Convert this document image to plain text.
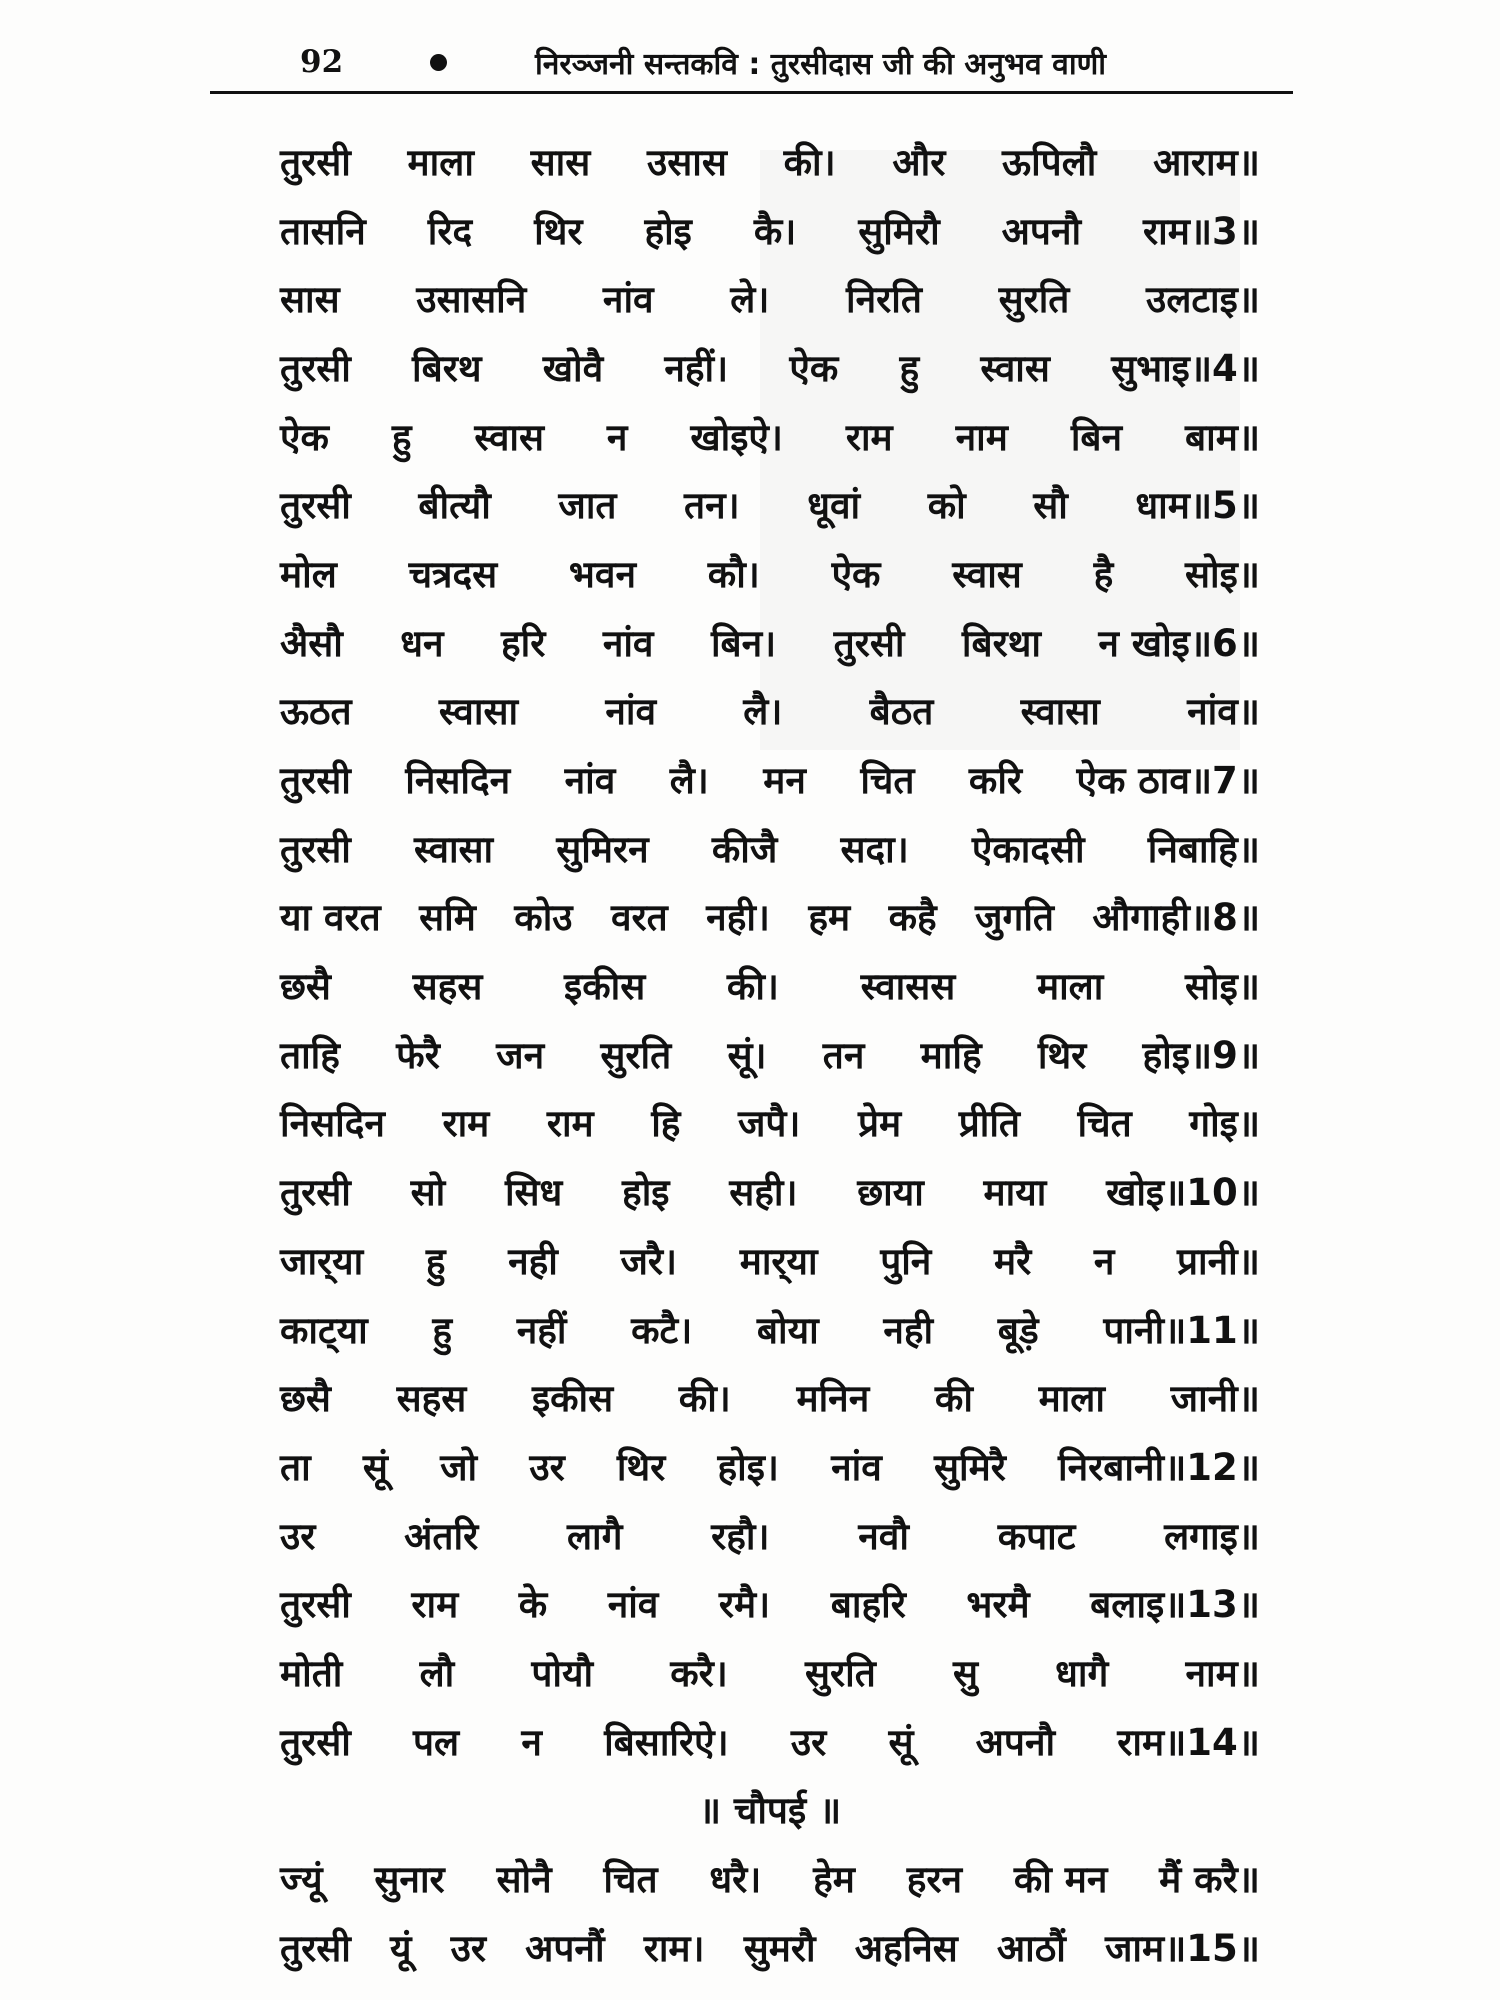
92	निरञ्जनी सन्तकवि : तुरसीदास जी की अनुभव वाणी
तुरसी माला सास उसास की। और ऊपिलौ आराम॥
तासनि रिद थिर होइ कै। सुमिरौ अपनौ राम॥3॥
सास उसासनि नांव ले। निरति सुरति उलटाइ॥
तुरसी बिरथ खोवै नहीं। ऐक हु स्वास सुभाइ॥4॥
ऐक हु स्वास न खोइऐ। राम नाम बिन बाम॥
तुरसी बीत्यौ जात तन। धूवां को सौ धाम॥5॥
मोल चत्रदस भवन कौ। ऐक स्वास है सोइ॥
अैसौ धन हरि नांव बिन। तुरसी बिरथा न खोइ॥6॥
ऊठत स्वासा नांव लै। बैठत स्वासा नांव॥
तुरसी निसदिन नांव लै। मन चित करि ऐक ठाव॥7॥
तुरसी स्वासा सुमिरन कीजै सदा। ऐकादसी निबाहि॥
या वरत समि कोउ वरत नही। हम कहै जुगति औगाही॥8॥
छसै सहस इकीस की। स्वासस माला सोइ॥
ताहि फेरै जन सुरति सूं। तन माहि थिर होइ॥9॥
निसदिन राम राम हि जपै। प्रेम प्रीति चित गोइ॥
तुरसी सो सिध होइ सही। छाया माया खोइ॥10॥
जार्‌या हु नही जरै। मार्‌या पुनि मरै न प्रानी॥
काट्‌या हु नहीं कटै। बोया नही बूड़े पानी॥11॥
छसै सहस इकीस की। मनिन की माला जानी॥
ता सूं जो उर थिर होइ। नांव सुमिरै निरबानी॥12॥
उर अंतरि लागै रहौ। नवौ कपाट लगाइ॥
तुरसी राम के नांव रमै। बाहरि भरमै बलाइ॥13॥
मोती लौ पोयौ करै। सुरति सु धागै नाम॥
तुरसी पल न बिसारिऐ। उर सूं अपनौ राम॥14॥
॥ चौपई ॥
ज्यूं सुनार सोनै चित धरै। हेम हरन की मन मैं करै॥
तुरसी यूं उर अपनौं राम। सुमरौ अहनिस आठौं जाम॥15॥
